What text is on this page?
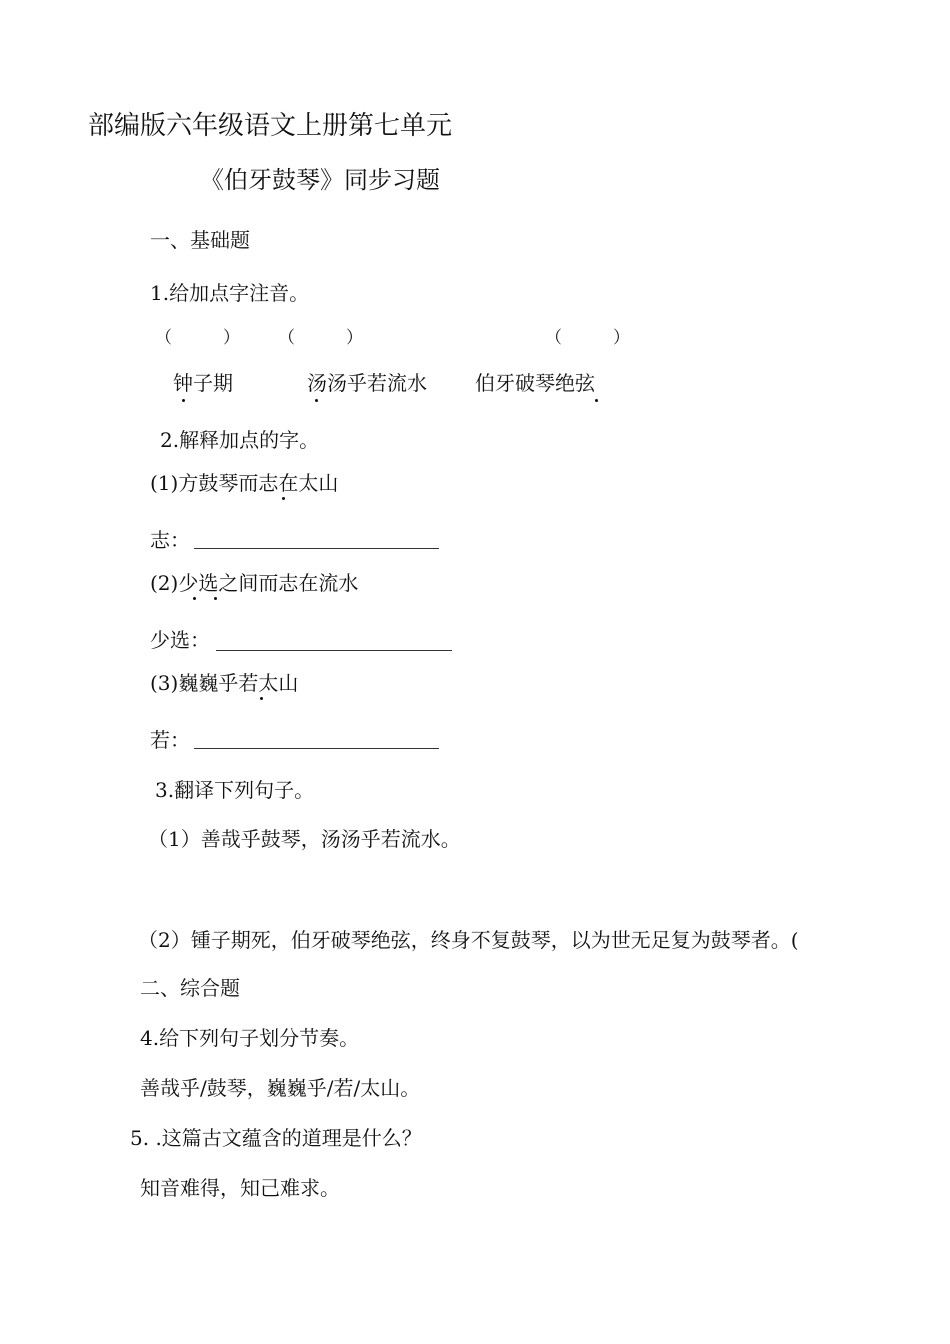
部编版六年级语文上册第七单元
《伯牙鼓琴》同步习题
一、基础题
1.给加点字注音。
（　　　） （　　　）	（　　　）
钟子期	汤汤乎若流水 伯牙破琴绝弦
2.解释加点的字。
(1)方鼓琴而志在太山
志：
(2)少选之间而志在流水
少选：
(3)巍巍乎若太山
若：
3.翻译下列句子。
（1）善哉乎鼓琴，汤汤乎若流水。
（2）锺子期死，伯牙破琴绝弦，终身不复鼓琴，以为世无足复为鼓琴者。(
二、综合题
4.给下列句子划分节奏。
善哉乎/鼓琴，巍巍乎/若/太山。
5. .这篇古文蕴含的道理是什么？
知音难得，知己难求。
